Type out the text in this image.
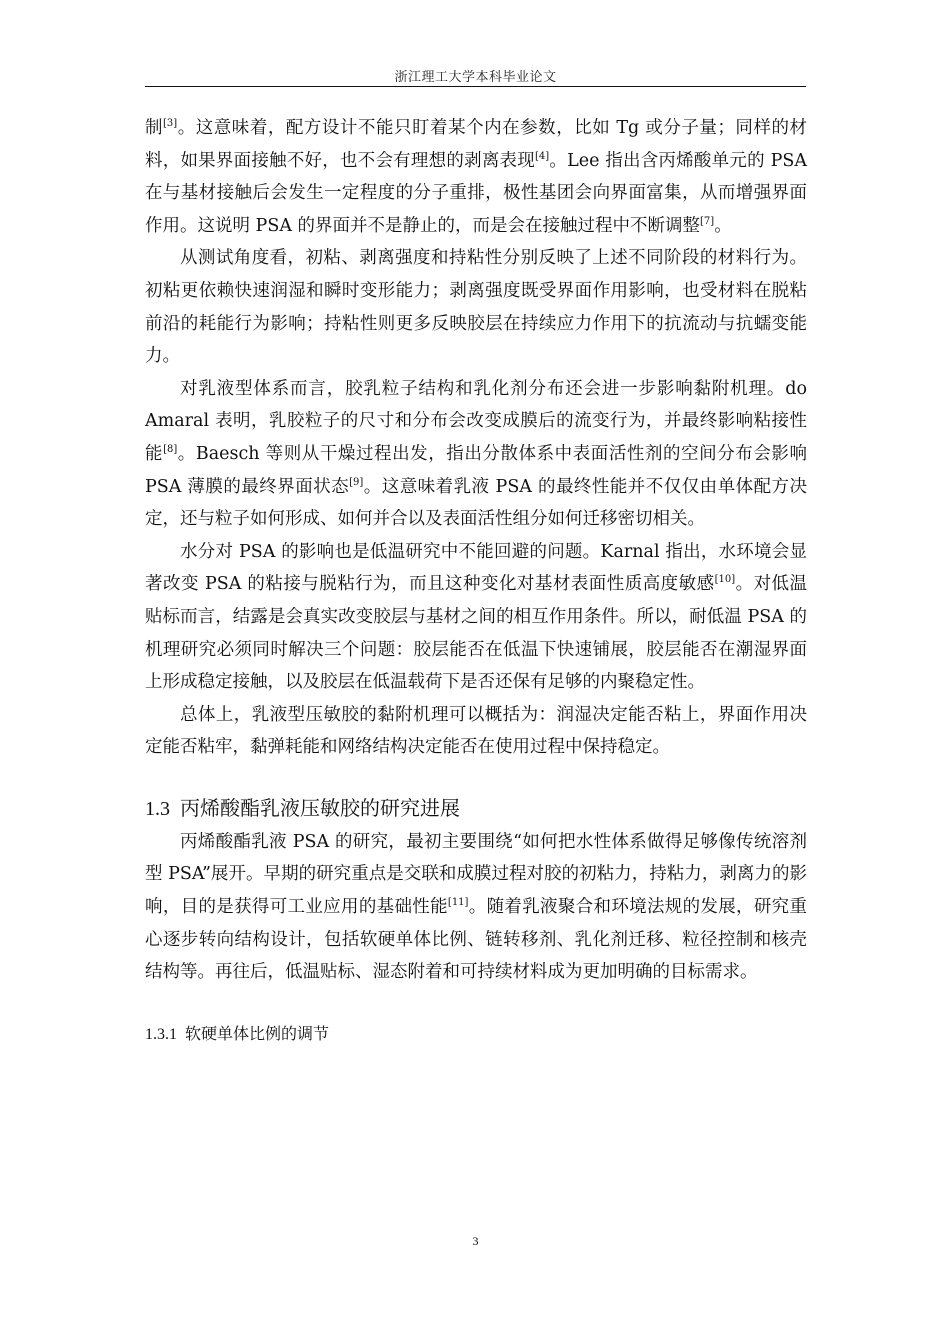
浙江理工大学本科毕业论文

制[3]。这意味着，配方设计不能只盯着某个内在参数，比如 Tg 或分子量；同样的材料，如果界面接触不好，也不会有理想的剥离表现[4]。Lee 指出含丙烯酸单元的 PSA 在与基材接触后会发生一定程度的分子重排，极性基团会向界面富集，从而增强界面作用。这说明 PSA 的界面并不是静止的，而是会在接触过程中不断调整[7]。

从测试角度看，初粘、剥离强度和持粘性分别反映了上述不同阶段的材料行为。初粘更依赖快速润湿和瞬时变形能力；剥离强度既受界面作用影响，也受材料在脱粘前沿的耗能行为影响；持粘性则更多反映胶层在持续应力作用下的抗流动与抗蠕变能力。

对乳液型体系而言，胶乳粒子结构和乳化剂分布还会进一步影响黏附机理。do Amaral 表明，乳胶粒子的尺寸和分布会改变成膜后的流变行为，并最终影响粘接性能[8]。Baesch 等则从干燥过程出发，指出分散体系中表面活性剂的空间分布会影响 PSA 薄膜的最终界面状态[9]。这意味着乳液 PSA 的最终性能并不仅仅由单体配方决定，还与粒子如何形成、如何并合以及表面活性组分如何迁移密切相关。

水分对 PSA 的影响也是低温研究中不能回避的问题。Karnal 指出，水环境会显著改变 PSA 的粘接与脱粘行为，而且这种变化对基材表面性质高度敏感[10]。对低温贴标而言，结露是会真实改变胶层与基材之间的相互作用条件。所以，耐低温 PSA 的机理研究必须同时解决三个问题：胶层能否在低温下快速铺展，胶层能否在潮湿界面上形成稳定接触，以及胶层在低温载荷下是否还保有足够的内聚稳定性。

总体上，乳液型压敏胶的黏附机理可以概括为：润湿决定能否粘上，界面作用决定能否粘牢，黏弹耗能和网络结构决定能否在使用过程中保持稳定。

1.3 丙烯酸酯乳液压敏胶的研究进展

丙烯酸酯乳液 PSA 的研究，最初主要围绕“如何把水性体系做得足够像传统溶剂型 PSA”展开。早期的研究重点是交联和成膜过程对胶的初粘力，持粘力，剥离力的影响，目的是获得可工业应用的基础性能[11]。随着乳液聚合和环境法规的发展，研究重心逐步转向结构设计，包括软硬单体比例、链转移剂、乳化剂迁移、粒径控制和核壳结构等。再往后，低温贴标、湿态附着和可持续材料成为更加明确的目标需求。

1.3.1 软硬单体比例的调节
3
